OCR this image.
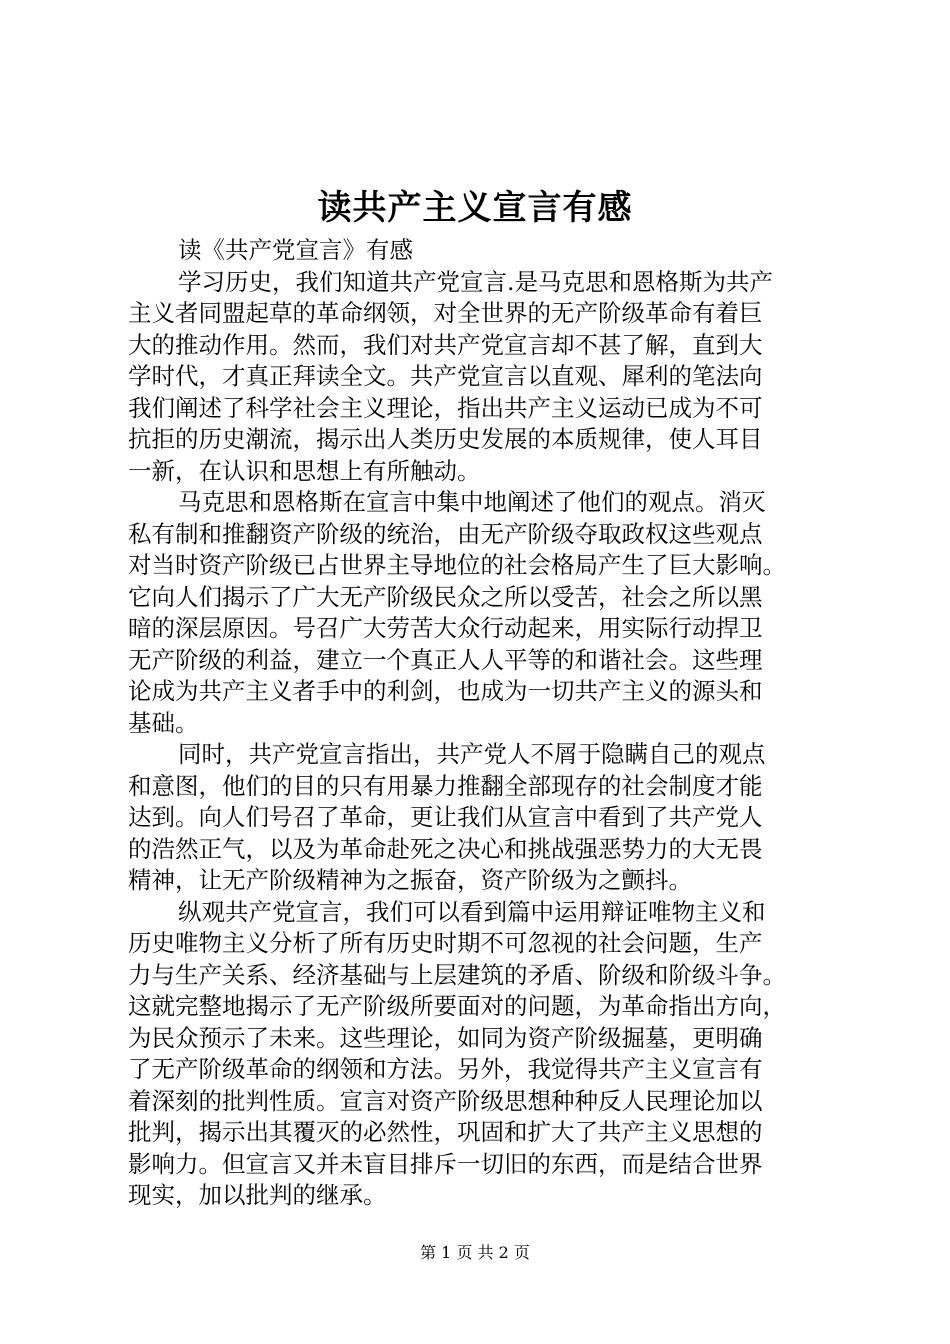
读共产主义宣言有感
读《共产党宣言》有感
学习历史，我们知道共产党宣言.是马克思和恩格斯为共产
主义者同盟起草的革命纲领，对全世界的无产阶级革命有着巨
大的推动作用。然而，我们对共产党宣言却不甚了解，直到大
学时代，才真正拜读全文。共产党宣言以直观、犀利的笔法向
我们阐述了科学社会主义理论，指出共产主义运动已成为不可
抗拒的历史潮流，揭示出人类历史发展的本质规律，使人耳目
一新，在认识和思想上有所触动。
马克思和恩格斯在宣言中集中地阐述了他们的观点。消灭
私有制和推翻资产阶级的统治，由无产阶级夺取政权这些观点
对当时资产阶级已占世界主导地位的社会格局产生了巨大影响。
它向人们揭示了广大无产阶级民众之所以受苦，社会之所以黑
暗的深层原因。号召广大劳苦大众行动起来，用实际行动捍卫
无产阶级的利益，建立一个真正人人平等的和谐社会。这些理
论成为共产主义者手中的利剑，也成为一切共产主义的源头和
基础。
同时，共产党宣言指出，共产党人不屑于隐瞒自己的观点
和意图，他们的目的只有用暴力推翻全部现存的社会制度才能
达到。向人们号召了革命，更让我们从宣言中看到了共产党人
的浩然正气，以及为革命赴死之决心和挑战强恶势力的大无畏
精神，让无产阶级精神为之振奋，资产阶级为之颤抖。
纵观共产党宣言，我们可以看到篇中运用辩证唯物主义和
历史唯物主义分析了所有历史时期不可忽视的社会问题，生产
力与生产关系、经济基础与上层建筑的矛盾、阶级和阶级斗争。
这就完整地揭示了无产阶级所要面对的问题，为革命指出方向，
为民众预示了未来。这些理论，如同为资产阶级掘墓，更明确
了无产阶级革命的纲领和方法。另外，我觉得共产主义宣言有
着深刻的批判性质。宣言对资产阶级思想种种反人民理论加以
批判，揭示出其覆灭的必然性，巩固和扩大了共产主义思想的
影响力。但宣言又并未盲目排斥一切旧的东西，而是结合世界
现实，加以批判的继承。
第 1 页 共 2 页
